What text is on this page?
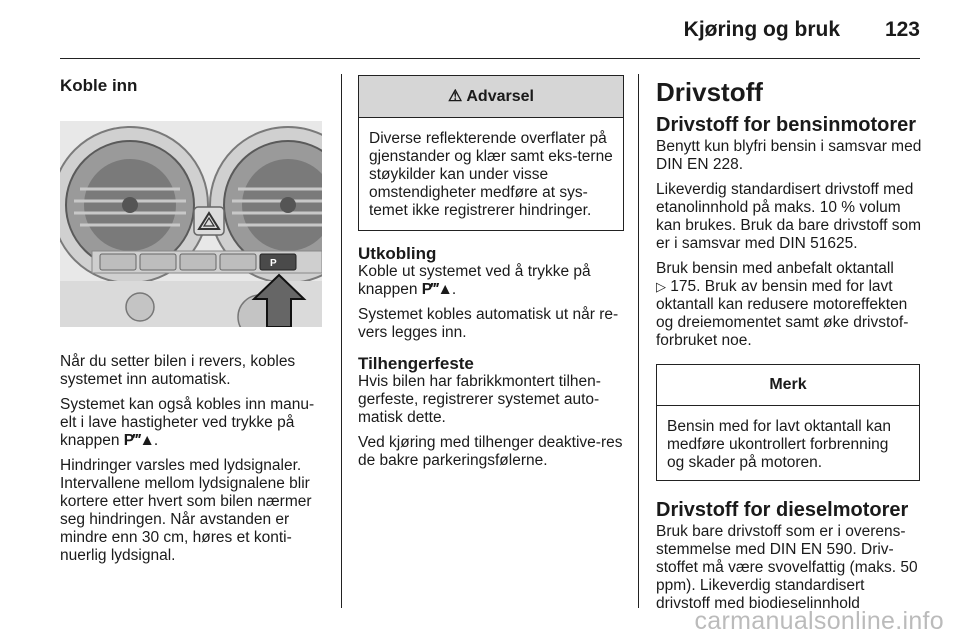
Kjøring og bruk 123
Koble inn
P

Når du setter bilen i revers, kobles systemet inn automatisk.

Systemet kan også kobles inn manu-elt i lave hastigheter ved trykke på knappen P‴▲.

Hindringer varsles med lydsignaler. Intervallene mellom lydsignalene blir kortere etter hvert som bilen nærmer seg hindringen. Når avstanden er mindre enn 30 cm, høres et konti-nuerlig lydsignal.

⚠ Advarsel
Diverse reflekterende overflater på gjenstander og klær samt eks-terne støykilder kan under visse omstendigheter medføre at sys-temet ikke registrerer hindringer.
Utkobling

Koble ut systemet ved å trykke på knappen P‴▲.

Systemet kobles automatisk ut når re-vers legges inn.

Tilhengerfeste

Hvis bilen har fabrikkmontert tilhen-gerfeste, registrerer systemet auto-matisk dette.

Ved kjøring med tilhenger deaktive-res de bakre parkeringsfølerne.

Drivstoff
Drivstoff for bensinmotorer

Benytt kun blyfri bensin i samsvar med DIN EN 228.

Likeverdig standardisert drivstoff med etanolinnhold på maks. 10 % volum kan brukes. Bruk da bare drivstoff som er i samsvar med DIN 51625.

Bruk bensin med anbefalt oktantall
▷ 175. Bruk av bensin med for lavt oktantall kan redusere motoreffekten og dreiemomentet samt øke drivstof-forbruket noe.

Merk
Bensin med for lavt oktantall kan medføre ukontrollert forbrenning og skader på motoren.
Drivstoff for dieselmotorer

Bruk bare drivstoff som er i overens-stemmelse med DIN EN 590. Driv-stoffet må være svovelfattig (maks. 50 ppm). Likeverdig standardisert drivstoff med biodieselinnhold

carmanualsonline.info
